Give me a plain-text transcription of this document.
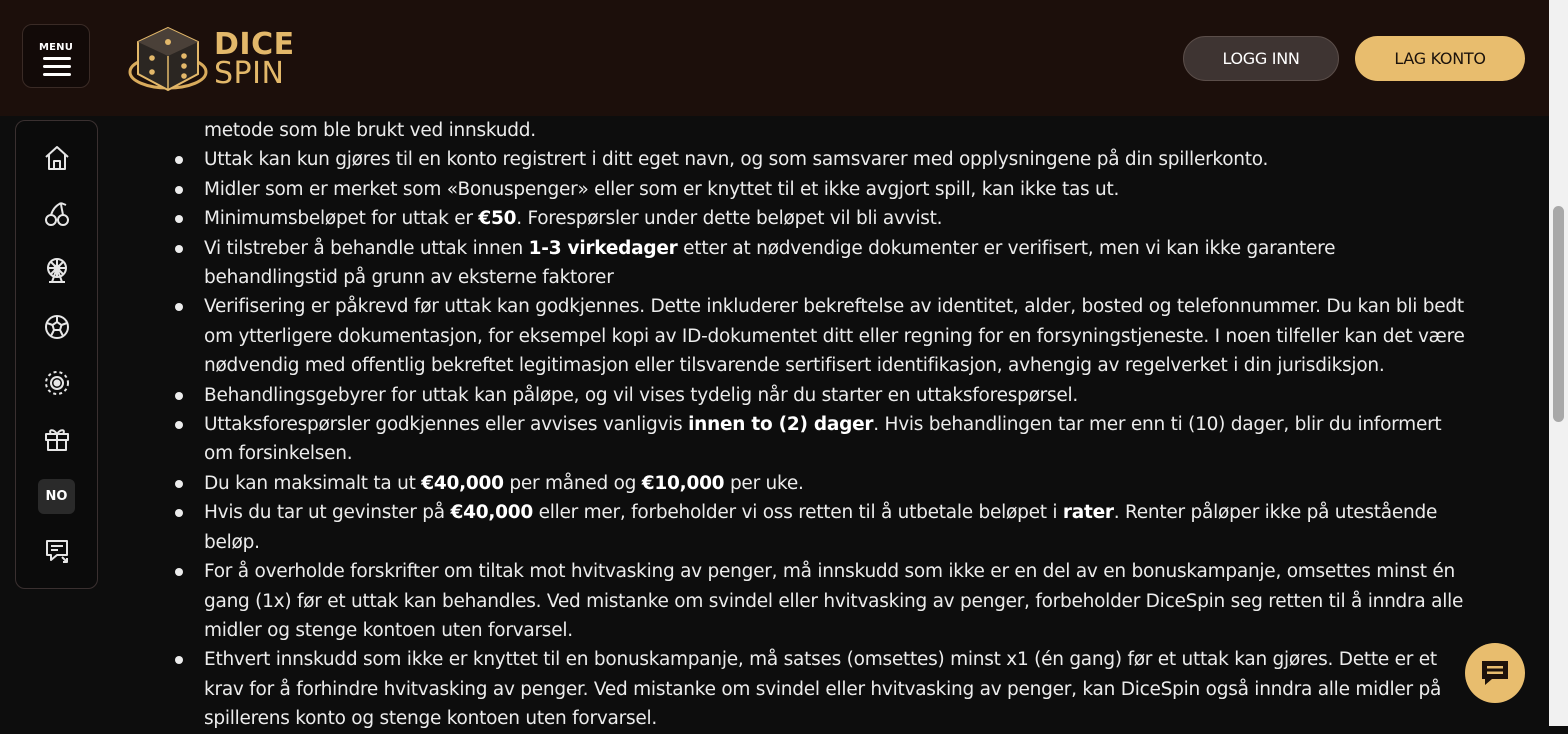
MENU	DICE
SPIN	LOGG INN	LAG KONTO
NO
metode som ble brukt ved innskudd.
Uttak kan kun gjøres til en konto registrert i ditt eget navn, og som samsvarer med opplysningene på din spillerkonto.
Midler som er merket som «Bonuspenger» eller som er knyttet til et ikke avgjort spill, kan ikke tas ut.
Minimumsbeløpet for uttak er €50. Forespørsler under dette beløpet vil bli avvist.
Vi tilstreber å behandle uttak innen 1-3 virkedager etter at nødvendige dokumenter er verifisert, men vi kan ikke garantere behandlingstid på grunn av eksterne faktorer
Verifisering er påkrevd før uttak kan godkjennes. Dette inkluderer bekreftelse av identitet, alder, bosted og telefonnummer. Du kan bli bedt om ytterligere dokumentasjon, for eksempel kopi av ID-dokumentet ditt eller regning for en forsyningstjeneste. I noen tilfeller kan det være nødvendig med offentlig bekreftet legitimasjon eller tilsvarende sertifisert identifikasjon, avhengig av regelverket i din jurisdiksjon.
Behandlingsgebyrer for uttak kan påløpe, og vil vises tydelig når du starter en uttaksforespørsel.
Uttaksforespørsler godkjennes eller avvises vanligvis innen to (2) dager. Hvis behandlingen tar mer enn ti (10) dager, blir du informert om forsinkelsen.
Du kan maksimalt ta ut €40,000 per måned og €10,000 per uke.
Hvis du tar ut gevinster på €40,000 eller mer, forbeholder vi oss retten til å utbetale beløpet i rater. Renter påløper ikke på utestående beløp.
For å overholde forskrifter om tiltak mot hvitvasking av penger, må innskudd som ikke er en del av en bonuskampanje, omsettes minst én gang (1x) før et uttak kan behandles. Ved mistanke om svindel eller hvitvasking av penger, forbeholder DiceSpin seg retten til å inndra alle midler og stenge kontoen uten forvarsel.
Ethvert innskudd som ikke er knyttet til en bonuskampanje, må satses (omsettes) minst x1 (én gang) før et uttak kan gjøres. Dette er et krav for å forhindre hvitvasking av penger. Ved mistanke om svindel eller hvitvasking av penger, kan DiceSpin også inndra alle midler på spillerens konto og stenge kontoen uten forvarsel.
